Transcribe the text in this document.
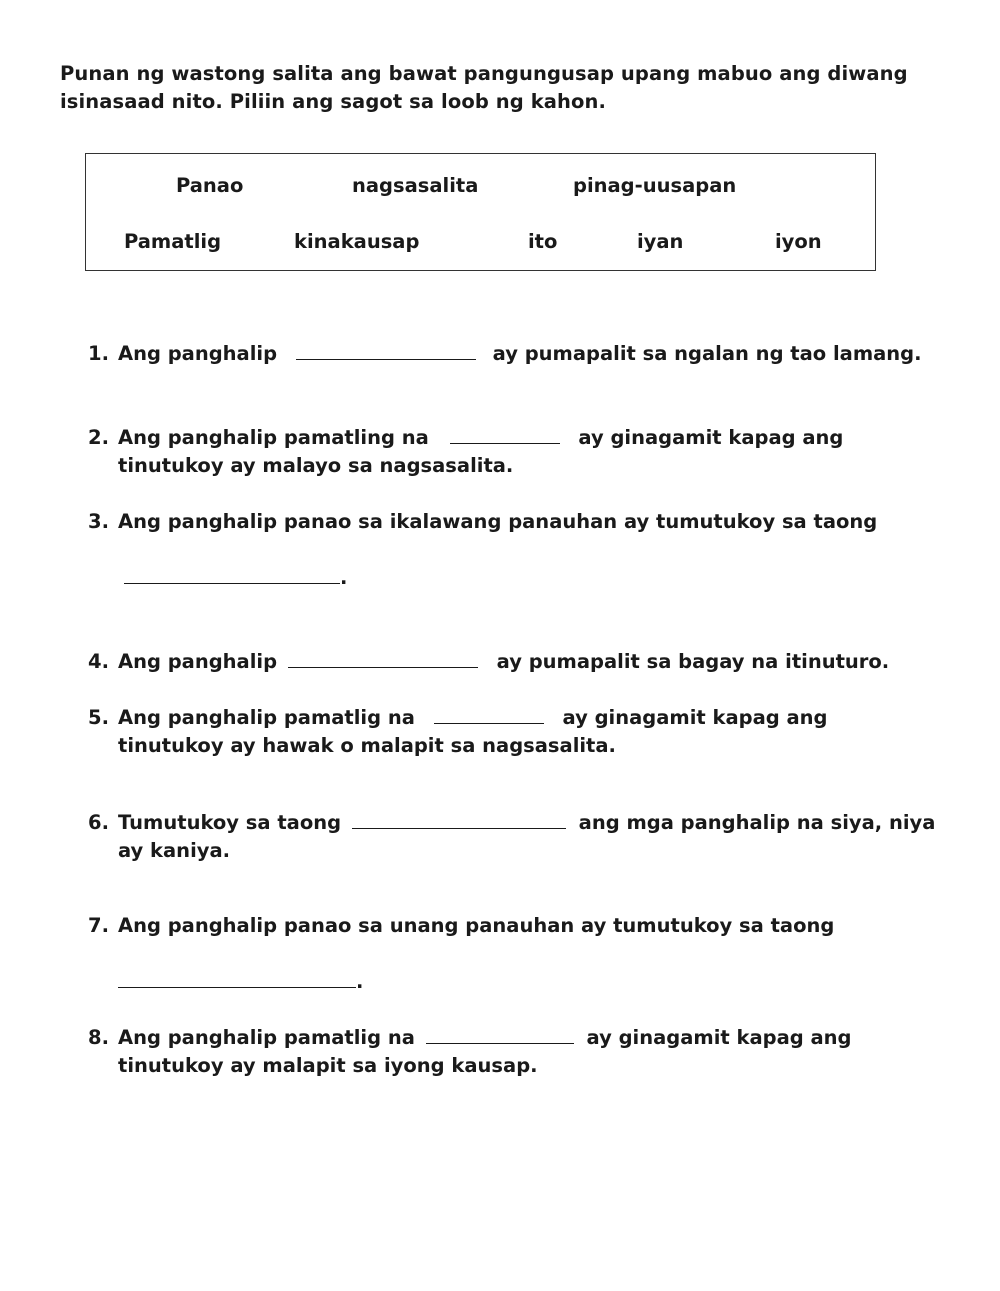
Punan ng wastong salita ang bawat pangungusap upang mabuo ang diwang isinasaad nito. Piliin ang sagot sa loob ng kahon.
Panao	nagsasalita	pinag-uusapan
Pamatlig	kinakausap	ito	iyan	iyon
1. Ang panghalip	ay pumapalit sa ngalan ng tao lamang.
2. Ang panghalip pamatling na	ay ginagamit kapag ang
tinutukoy ay malayo sa nagsasalita.
3. Ang panghalip panao sa ikalawang panauhan ay tumutukoy sa taong
.
4. Ang panghalip	ay pumapalit sa bagay na itinuturo.
5. Ang panghalip pamatlig na	ay ginagamit kapag ang
tinutukoy ay hawak o malapit sa nagsasalita.
6. Tumutukoy sa taong	ang mga panghalip na siya, niya
ay kaniya.
7. Ang panghalip panao sa unang panauhan ay tumutukoy sa taong
.
8. Ang panghalip pamatlig na	ay ginagamit kapag ang
tinutukoy ay malapit sa iyong kausap.
